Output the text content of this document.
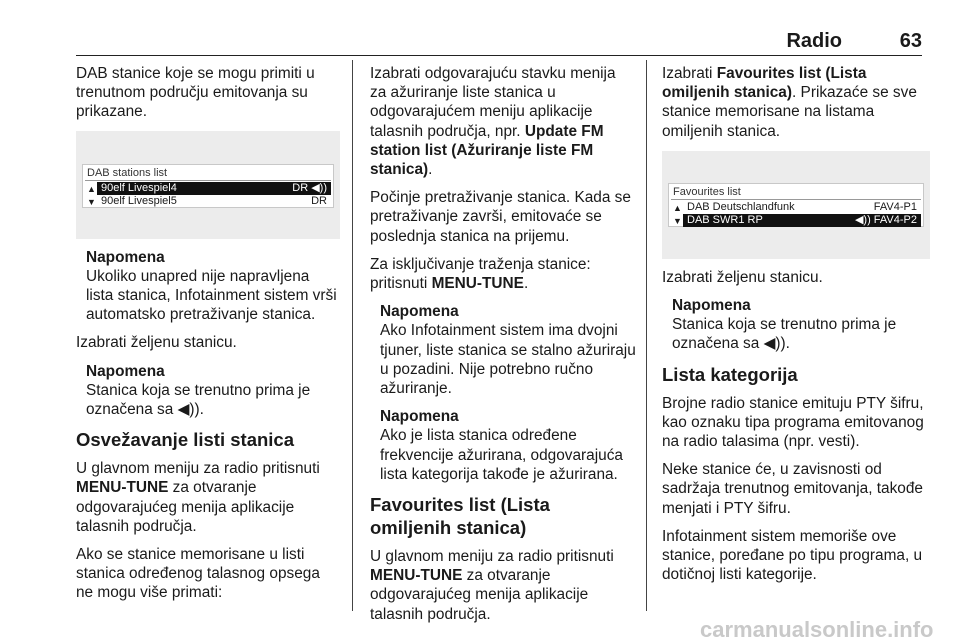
Radio	63

DAB stanice koje se mogu primiti u trenutnom području emitovanja su prikazane.

DAB stations list
▲ 90elf Livespiel4	DR ◀))
▼ 90elf Livespiel5	DR
Napomena
Ukoliko unapred nije napravljena lista stanica, Infotainment sistem vrši automatsko pretraživanje stanica.

Izabrati željenu stanicu.

Napomena
Stanica koja se trenutno prima je označena sa ◀)).
Osvežavanje listi stanica

U glavnom meniju za radio pritisnuti MENU-TUNE za otvaranje odgovarajućeg menija aplikacije talasnih područja.

Ako se stanice memorisane u listi stanica određenog talasnog opsega ne mogu više primati:

Izabrati odgovarajuću stavku menija za ažuriranje liste stanica u odgovarajućem meniju aplikacije talasnih područja, npr. Update FM station list (Ažuriranje liste FM stanica).

Počinje pretraživanje stanica. Kada se pretraživanje završi, emitovaće se poslednja stanica na prijemu.

Za isključivanje traženja stanice: pritisnuti MENU-TUNE.

Napomena
Ako Infotainment sistem ima dvojni tjuner, liste stanica se stalno ažuriraju u pozadini. Nije potrebno ručno ažuriranje.
Napomena
Ako je lista stanica određene frekvencije ažurirana, odgovarajuća lista kategorija takođe je ažurirana.
Favourites list (Lista omiljenih stanica)

U glavnom meniju za radio pritisnuti MENU-TUNE za otvaranje odgovarajućeg menija aplikacije talasnih područja.

Izabrati Favourites list (Lista omiljenih stanica). Prikazaće se sve stanice memorisane na listama omiljenih stanica.

Favourites list
▲ DAB Deutschlandfunk	FAV4-P1
▼ DAB SWR1 RP	◀)) FAV4-P2

Izabrati željenu stanicu.

Napomena
Stanica koja se trenutno prima je označena sa ◀)).
Lista kategorija

Brojne radio stanice emituju PTY šifru, kao oznaku tipa programa emitovanog na radio talasima (npr. vesti).

Neke stanice će, u zavisnosti od sadržaja trenutnog emitovanja, takođe menjati i PTY šifru.

Infotainment sistem memoriše ove stanice, poređane po tipu programa, u dotičnoj listi kategorije.

carmanualsonline.info
